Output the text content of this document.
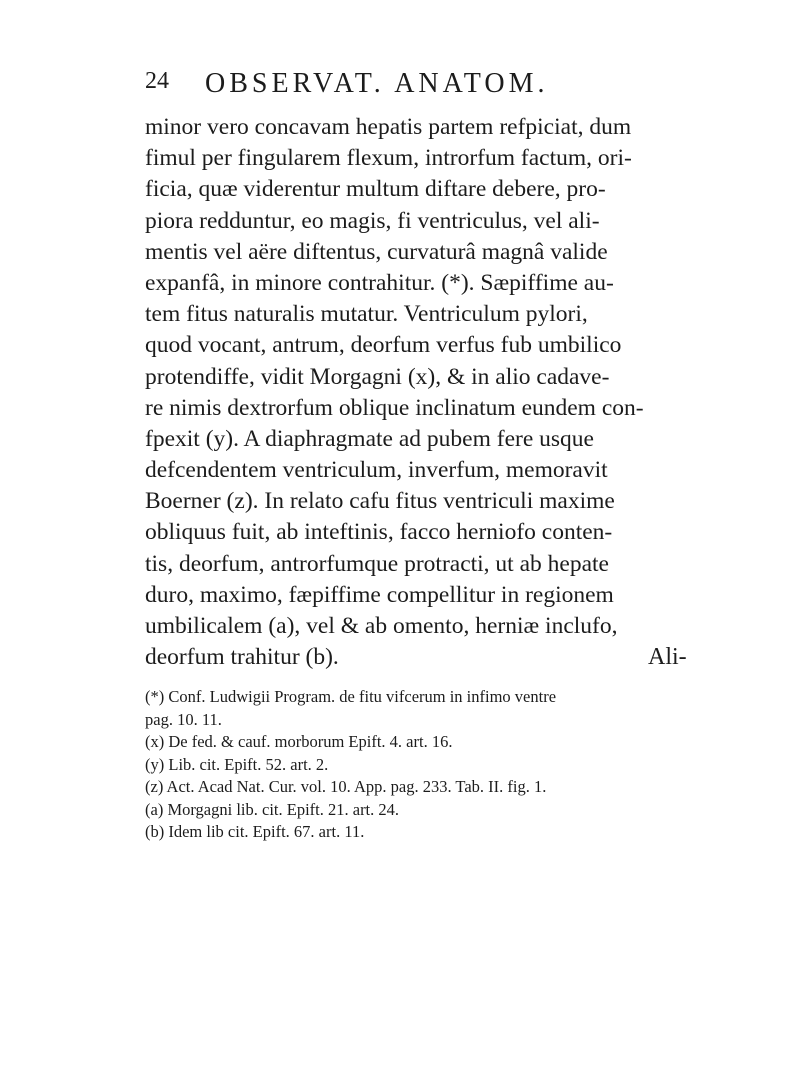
24 OBSERVAT. ANATOM.
minor vero concavam hepatis partem refpiciat, dum
fimul per fingularem flexum, introrfum factum, ori-
ficia, quæ viderentur multum diftare debere, pro-
piora redduntur, eo magis, fi ventriculus, vel ali-
mentis vel aëre diftentus, curvaturâ magnâ valide
expanfâ, in minore contrahitur. (*). Sæpiffime au-
tem fitus naturalis mutatur. Ventriculum pylori,
quod vocant, antrum, deorfum verfus fub umbilico
protendiffe, vidit Morgagni (x), & in alio cadave-
re nimis dextrorfum oblique inclinatum eundem con-
fpexit (y). A diaphragmate ad pubem fere usque
defcendentem ventriculum, inverfum, memoravit
Boerner (z). In relato cafu fitus ventriculi maxime
obliquus fuit, ab inteftinis, facco herniofo conten-
tis, deorfum, antrorfumque protracti, ut ab hepate
duro, maximo, fæpiffime compellitur in regionem
umbilicalem (a), vel & ab omento, herniæ inclufo,
deorfum trahitur (b).	Ali-
(*) Conf. Ludwigii Program. de fitu vifcerum in infimo ventre
pag. 10. 11.
(x) De fed. & cauf. morborum Epift. 4. art. 16.
(y) Lib. cit. Epift. 52. art. 2.
(z) Act. Acad Nat. Cur. vol. 10. App. pag. 233. Tab. II. fig. 1.
(a) Morgagni lib. cit. Epift. 21. art. 24.
(b) Idem lib cit. Epift. 67. art. 11.
